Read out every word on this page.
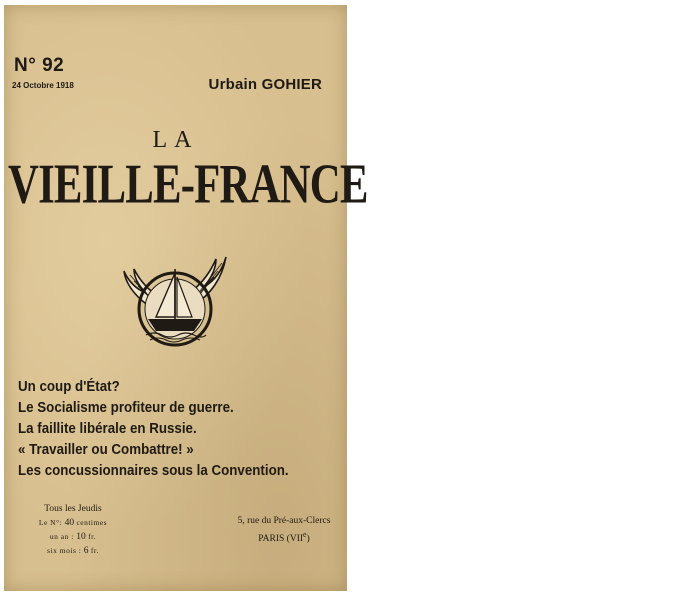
N° 92
24 Octobre 1918	Urbain GOHIER
LA
VIEILLE-FRANCE
Un coup d'État?
Le Socialisme profiteur de guerre.
La faillite libérale en Russie.
« Travailler ou Combattre! »
Les concussionnaires sous la Convention.
Tous les Jeudis
Le N°: 40 centimes
un an : 10 fr.
six mois : 6 fr.
5, rue du Pré-aux-Clercs
PARIS (VIIe)
